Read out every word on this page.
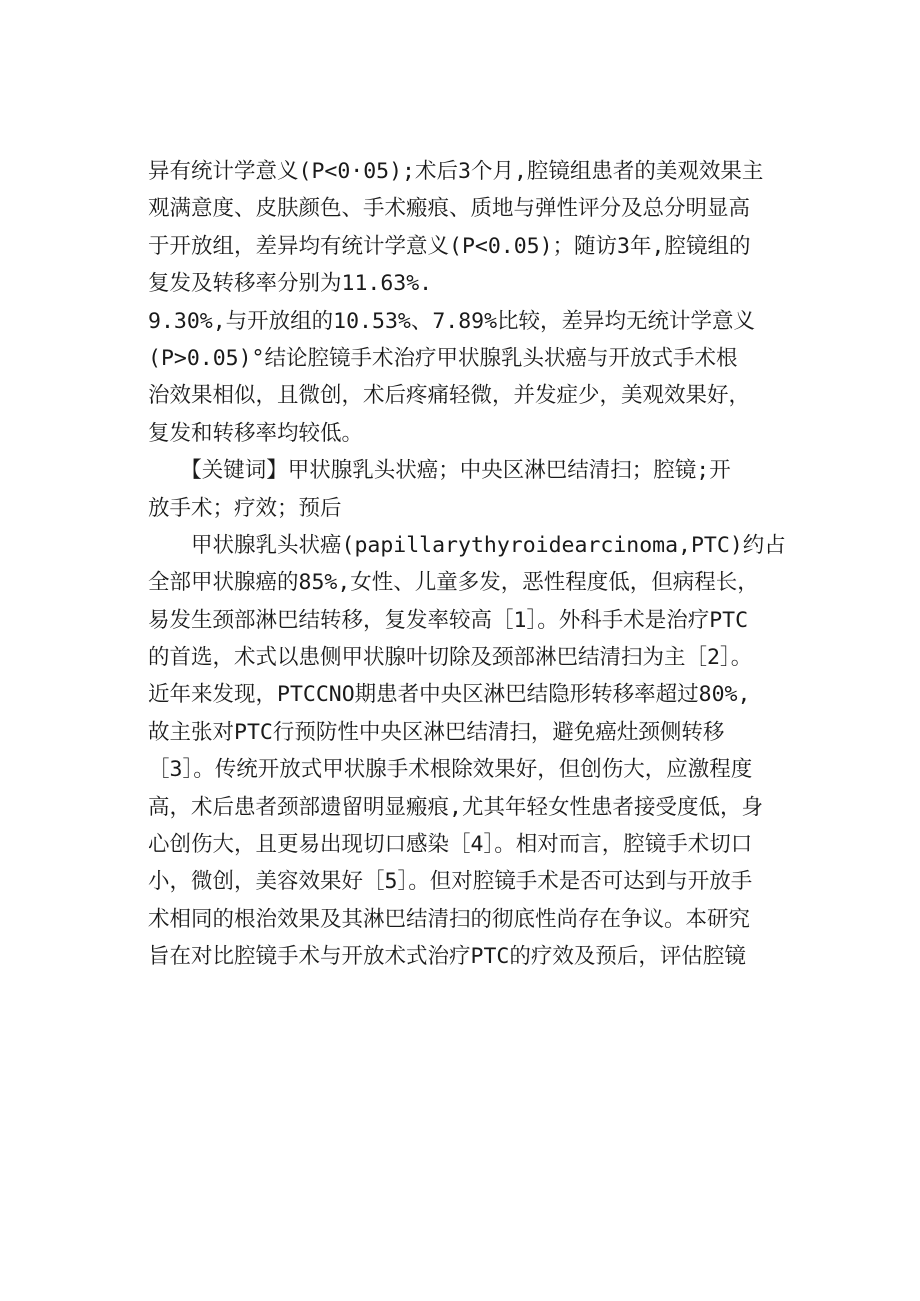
异有统计学意义(P<0·05);术后3个月,腔镜组患者的美观效果主
观满意度、皮肤颜色、手术瘢痕、质地与弹性评分及总分明显高
于开放组，差异均有统计学意义(P<0.05)；随访3年,腔镜组的
复发及转移率分别为11.63%.
9.30%,与开放组的10.53%、7.89%比较，差异均无统计学意义
(P>0.05)°结论腔镜手术治疗甲状腺乳头状癌与开放式手术根
治效果相似，且微创，术后疼痛轻微，并发症少，美观效果好，
复发和转移率均较低。
　　【关键词】甲状腺乳头状癌；中央区淋巴结清扫；腔镜;开
放手术；疗效；预后
　　甲状腺乳头状癌(papillarythyroidearcinoma,PTC)约占
全部甲状腺癌的85%,女性、儿童多发，恶性程度低，但病程长，
易发生颈部淋巴结转移，复发率较高［1］。外科手术是治疗PTC
的首选，术式以患侧甲状腺叶切除及颈部淋巴结清扫为主［2］。
近年来发现，PTCCNO期患者中央区淋巴结隐形转移率超过80%,
故主张对PTC行预防性中央区淋巴结清扫，避免癌灶颈侧转移
［3］。传统开放式甲状腺手术根除效果好，但创伤大，应激程度
高，术后患者颈部遗留明显瘢痕,尤其年轻女性患者接受度低，身
心创伤大，且更易出现切口感染［4］。相对而言，腔镜手术切口
小，微创，美容效果好［5］。但对腔镜手术是否可达到与开放手
术相同的根治效果及其淋巴结清扫的彻底性尚存在争议。本研究
旨在对比腔镜手术与开放术式治疗PTC的疗效及预后，评估腔镜
